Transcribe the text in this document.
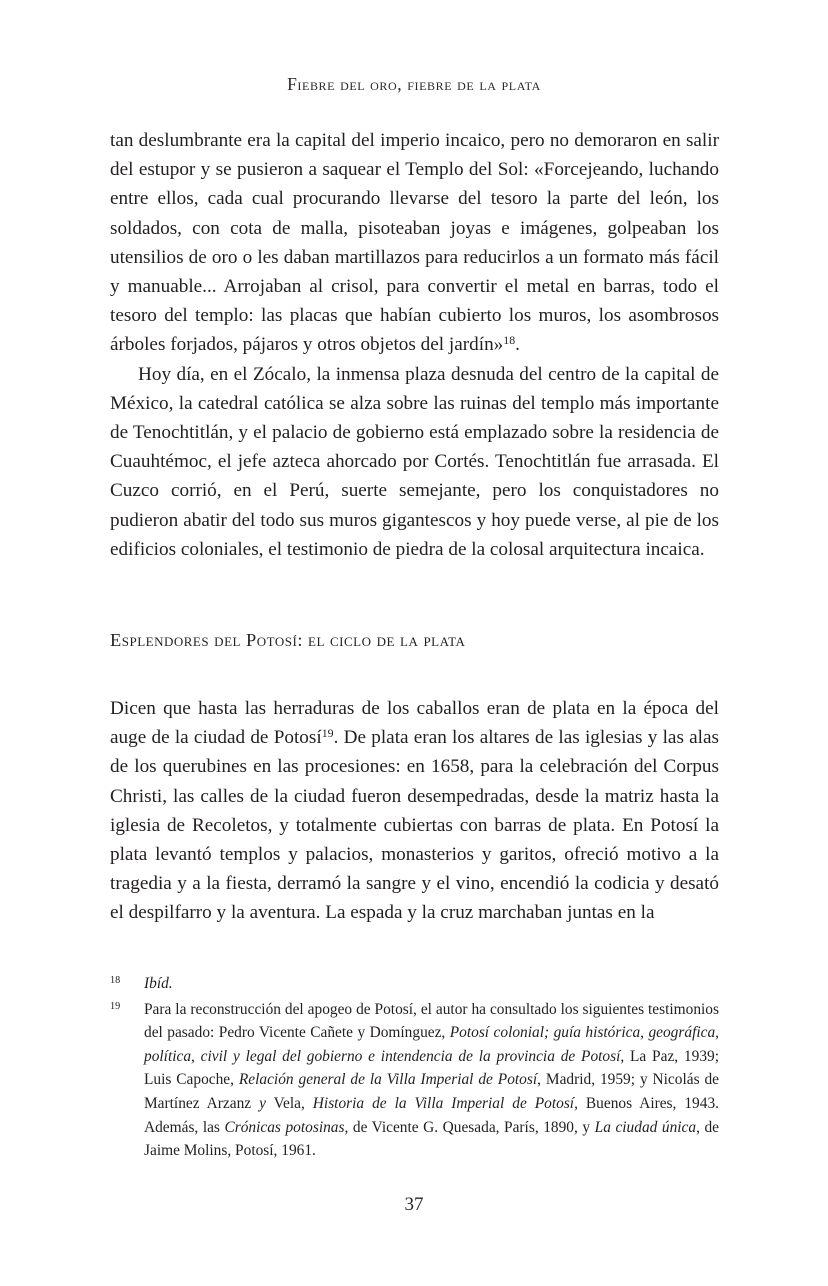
Fiebre del oro, fiebre de la plata

tan deslumbrante era la capital del imperio incaico, pero no demoraron en salir del estupor y se pusieron a saquear el Templo del Sol: «Forcejeando, luchando entre ellos, cada cual procurando llevarse del tesoro la parte del león, los soldados, con cota de malla, pisoteaban joyas e imágenes, golpeaban los utensilios de oro o les daban martillazos para reducirlos a un formato más fácil y manuable... Arrojaban al crisol, para convertir el metal en barras, todo el tesoro del templo: las placas que habían cubierto los muros, los asombrosos árboles forjados, pájaros y otros objetos del jardín»$^{18}$.

Hoy día, en el Zócalo, la inmensa plaza desnuda del centro de la capital de México, la catedral católica se alza sobre las ruinas del templo más importante de Tenochtitlán, y el palacio de gobierno está emplazado sobre la residencia de Cuauhtémoc, el jefe azteca ahorcado por Cortés. Tenochtitlán fue arrasada. El Cuzco corrió, en el Perú, suerte semejante, pero los conquistadores no pudieron abatir del todo sus muros gigantescos y hoy puede verse, al pie de los edificios coloniales, el testimonio de piedra de la colosal arquitectura incaica.

Esplendores del Potosí: el ciclo de la plata

Dicen que hasta las herraduras de los caballos eran de plata en la época del auge de la ciudad de Potosí$^{19}$. De plata eran los altares de las iglesias y las alas de los querubines en las procesiones: en 1658, para la celebración del Corpus Christi, las calles de la ciudad fueron desempedradas, desde la matriz hasta la iglesia de Recoletos, y totalmente cubiertas con barras de plata. En Potosí la plata levantó templos y palacios, monasterios y garitos, ofreció motivo a la tragedia y a la fiesta, derramó la sangre y el vino, encendió la codicia y desató el despilfarro y la aventura. La espada y la cruz marchaban juntas en la

18 Ibíd.
19 Para la reconstrucción del apogeo de Potosí, el autor ha consultado los siguientes testimonios del pasado: Pedro Vicente Cañete y Domínguez, Potosí colonial; guía histórica, geográfica, política, civil y legal del gobierno e intendencia de la provincia de Potosí, La Paz, 1939; Luis Capoche, Relación general de la Villa Imperial de Potosí, Madrid, 1959; y Nicolás de Martínez Arzanz y Vela, Historia de la Villa Imperial de Potosí, Buenos Aires, 1943. Además, las Crónicas potosinas, de Vicente G. Quesada, París, 1890, y La ciudad única, de Jaime Molins, Potosí, 1961.
37
